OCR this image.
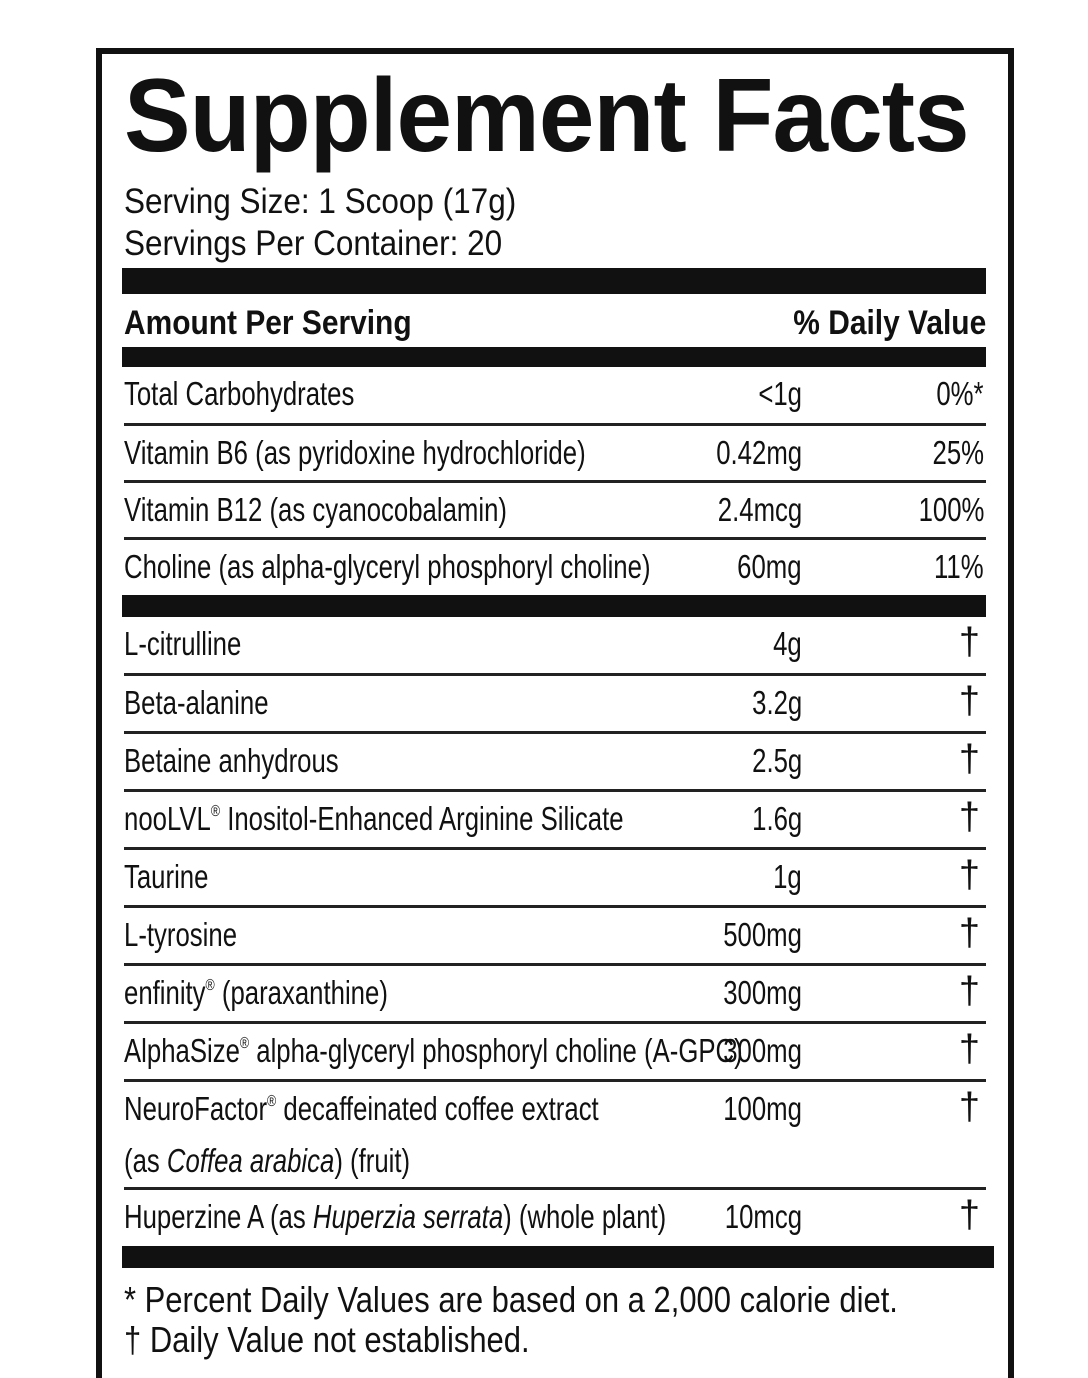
Supplement Facts
Serving Size: 1 Scoop (17g)
Servings Per Container: 20
Amount Per Serving	% Daily Value
Total Carbohydrates	<1g	0%*
Vitamin B6 (as pyridoxine hydrochloride)	0.42mg	25%
Vitamin B12 (as cyanocobalamin)	2.4mcg	100%
Choline (as alpha-glyceryl phosphoryl choline)	60mg	11%
L-citrulline	4g	†
Beta-alanine	3.2g	†
Betaine anhydrous	2.5g	†
nooLVL® Inositol-Enhanced Arginine Silicate	1.6g	†
Taurine	1g	†
L-tyrosine	500mg	†
enfinity® (paraxanthine)	300mg	†
AlphaSize® alpha-glyceryl phosphoryl choline (A-GPC)
300mg	†
NeuroFactor® decaffeinated coffee extract
(as Coffea arabica) (fruit)
100mg	†
Huperzine A (as Huperzia serrata) (whole plant) 10mcg	†
* Percent Daily Values are based on a 2,000 calorie diet.
† Daily Value not established.
